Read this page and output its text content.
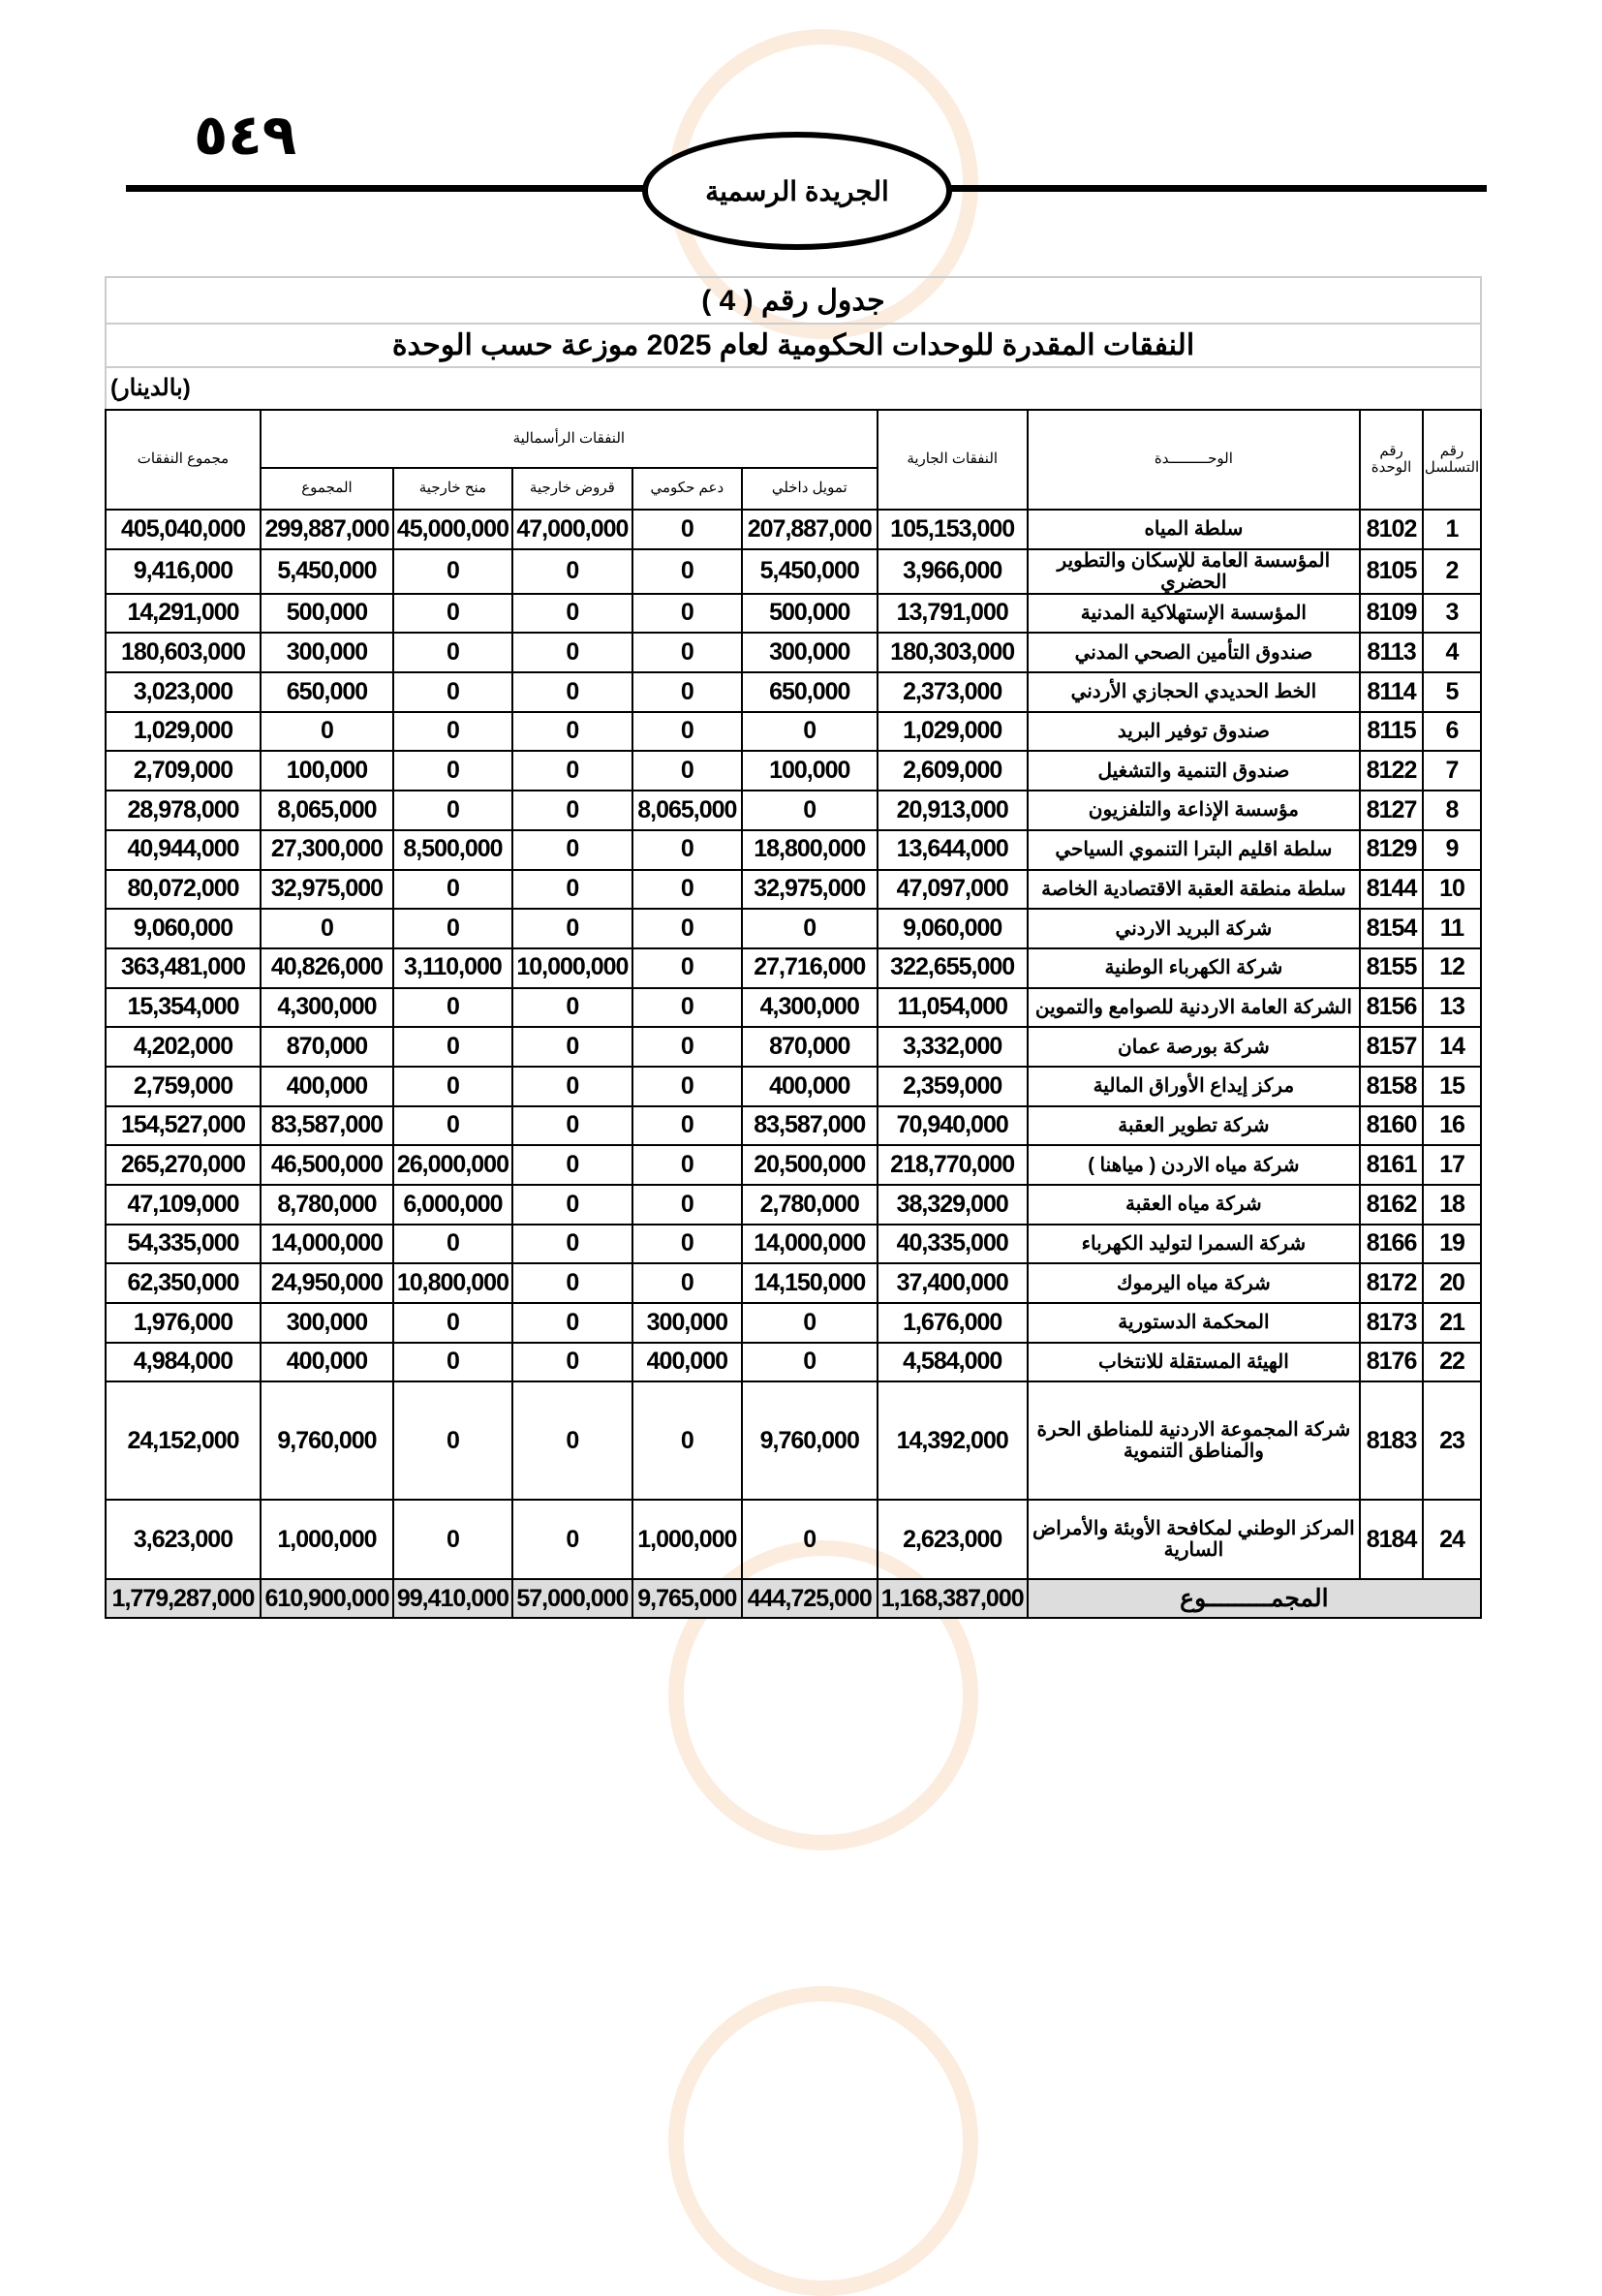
٥٤٩
الجريدة الرسمية
جدول رقم ( 4 )									
النفقات المقدرة للوحدات الحكومية لعام 2025 موزعة حسب الوحدة									
(بالدينار)									
رقم التسلسل	رقم الوحدة	الوحـــــــــدة	النفقات الجارية	النفقات الرأسمالية					مجموع النفقات
				تمويل داخلي	دعم حكومي	قروض خارجية	منح خارجية	المجموع	
1	8102	سلطة المياه	105,153,000	207,887,000	0	47,000,000	45,000,000	299,887,000	405,040,000
2	8105	المؤسسة العامة للإسكان والتطوير الحضري	3,966,000	5,450,000	0	0	0	5,450,000	9,416,000
3	8109	المؤسسة الإستهلاكية المدنية	13,791,000	500,000	0	0	0	500,000	14,291,000
4	8113	صندوق التأمين الصحي المدني	180,303,000	300,000	0	0	0	300,000	180,603,000
5	8114	الخط الحديدي الحجازي الأردني	2,373,000	650,000	0	0	0	650,000	3,023,000
6	8115	صندوق توفير البريد	1,029,000	0	0	0	0	0	1,029,000
7	8122	صندوق التنمية والتشغيل	2,609,000	100,000	0	0	0	100,000	2,709,000
8	8127	مؤسسة الإذاعة والتلفزيون	20,913,000	0	8,065,000	0	0	8,065,000	28,978,000
9	8129	سلطة اقليم البترا التنموي السياحي	13,644,000	18,800,000	0	0	8,500,000	27,300,000	40,944,000
10	8144	سلطة منطقة العقبة الاقتصادية الخاصة	47,097,000	32,975,000	0	0	0	32,975,000	80,072,000
11	8154	شركة البريد الاردني	9,060,000	0	0	0	0	0	9,060,000
12	8155	شركة الكهرباء الوطنية	322,655,000	27,716,000	0	10,000,000	3,110,000	40,826,000	363,481,000
13	8156	الشركة العامة الاردنية للصوامع والتموين	11,054,000	4,300,000	0	0	0	4,300,000	15,354,000
14	8157	شركة بورصة عمان	3,332,000	870,000	0	0	0	870,000	4,202,000
15	8158	مركز إيداع الأوراق المالية	2,359,000	400,000	0	0	0	400,000	2,759,000
16	8160	شركة تطوير العقبة	70,940,000	83,587,000	0	0	0	83,587,000	154,527,000
17	8161	شركة مياه الاردن ( مياهنا )	218,770,000	20,500,000	0	0	26,000,000	46,500,000	265,270,000
18	8162	شركة مياه العقبة	38,329,000	2,780,000	0	0	6,000,000	8,780,000	47,109,000
19	8166	شركة السمرا لتوليد الكهرباء	40,335,000	14,000,000	0	0	0	14,000,000	54,335,000
20	8172	شركة مياه اليرموك	37,400,000	14,150,000	0	0	10,800,000	24,950,000	62,350,000
21	8173	المحكمة الدستورية	1,676,000	0	300,000	0	0	300,000	1,976,000
22	8176	الهيئة المستقلة للانتخاب	4,584,000	0	400,000	0	0	400,000	4,984,000
23	8183	شركة المجموعة الاردنية للمناطق الحرة والمناطق التنموية	14,392,000	9,760,000	0	0	0	9,760,000	24,152,000
24	8184	المركز الوطني لمكافحة الأوبئة والأمراض السارية	2,623,000	0	1,000,000	0	0	1,000,000	3,623,000
المجمـــــــــوع			1,168,387,000	444,725,000	9,765,000	57,000,000	99,410,000	610,900,000	1,779,287,000
